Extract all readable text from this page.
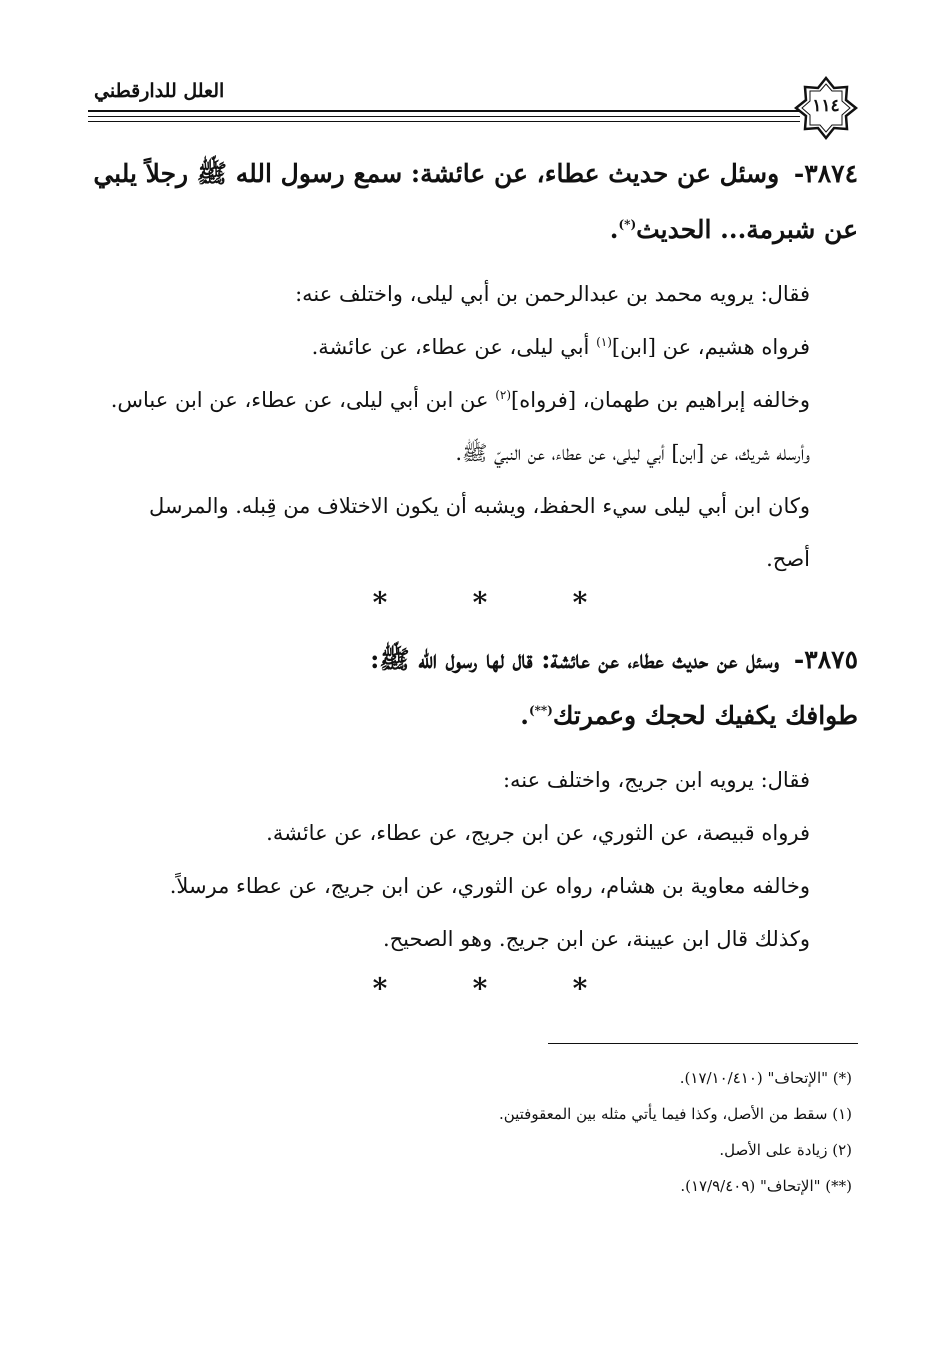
العلل للدارقطني
١١٤

٣٨٧٤- وسئل عن حديث عطاء، عن عائشة: سمع رسول الله ﷺ رجلاً يلبي

عن شبرمة... الحديث(*).

فقال: يرويه محمد بن عبدالرحمن بن أبي ليلى، واختلف عنه:

فرواه هشيم، عن [ابن]$^{(١)}$ أبي ليلى، عن عطاء، عن عائشة.

وخالفه إبراهيم بن طهمان، [فرواه]$^{(٢)}$ عن ابن أبي ليلى، عن عطاء، عن ابن عباس.

وأرسله شريك، عن [ابن] أبي ليلى، عن عطاء، عن النبيّ ﷺ.

وكان ابن أبي ليلى سيء الحفظ، ويشبه أن يكون الاختلاف من قِبله. والمرسل

أصح.

*	*	*

٣٨٧٥- وسئل عن حديث عطاء، عن عائشة: قال لها رسول الله ﷺ:

طوافك يكفيك لحجك وعمرتك(**).

فقال: يرويه ابن جريج، واختلف عنه:

فرواه قبيصة، عن الثوري، عن ابن جريج، عن عطاء، عن عائشة.

وخالفه معاوية بن هشام، رواه عن الثوري، عن ابن جريج، عن عطاء مرسلاً.

وكذلك قال ابن عيينة، عن ابن جريج. وهو الصحيح.

*	*	*

(*) "الإتحاف" (١٧/١٠/٤١٠).

(١) سقط من الأصل، وكذا فيما يأتي مثله بين المعقوفتين.

(٢) زيادة على الأصل.

(**) "الإتحاف" (١٧/٩/٤٠٩).
